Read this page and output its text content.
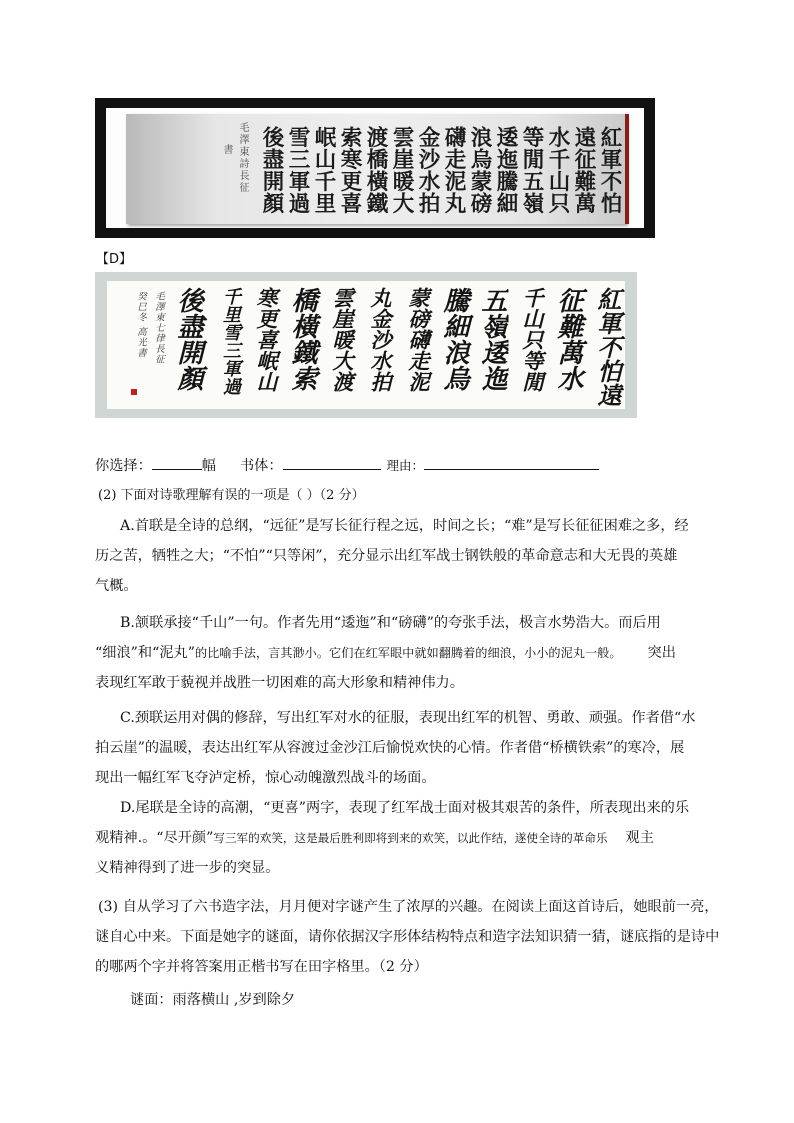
紅軍不怕
遠征難萬
水千山只
等閒五嶺
逶迤騰細
浪烏蒙磅
礴走泥丸
金沙水拍
雲崖暖大
渡橋橫鐵
索寒更喜
岷山千里
雪三軍過
後盡開顏
毛澤東詩長征
書
【D】
紅軍不怕遠
征難萬水
千山只等閒
五嶺逶迤
騰細浪烏
蒙磅礴走泥
丸金沙水拍
雲崖暖大渡
橋橫鐵索
寒更喜岷山
千里雪三軍過
後盡開顏
毛澤東七律長征
癸巳冬 高光書
你选择：	幅 书体：	理由：
(2) 下面对诗歌理解有误的一项是（ ）（2 分）
A.首联是全诗的总纲，“远征”是写长征行程之远，时间之长；“难”是写长征征困难之多，经
历之苦，牺牲之大；“不怕”“只等闲”，充分显示出红军战士钢铁般的革命意志和大无畏的英雄
气概。
B.颔联承接“千山”一句。作者先用“逶迤”和“磅礴”的夸张手法，极言水势浩大。而后用
“细浪”和“泥丸”的比喻手法，言其渺小。它们在红军眼中就如翻腾着的细浪，小小的泥丸一般。 突出
表现红军敢于藐视并战胜一切困难的高大形象和精神伟力。
C.颈联运用对偶的修辞，写出红军对水的征服，表现出红军的机智、勇敢、顽强。作者借“水
拍云崖”的温暖，表达出红军从容渡过金沙江后愉悦欢快的心情。作者借“桥横铁索”的寒冷，展
现出一幅红军飞夺泸定桥，惊心动魄激烈战斗的场面。
D.尾联是全诗的高潮，“更喜”两字，表现了红军战士面对极其艰苦的条件，所表现出来的乐
观精神.。“尽开颜”写三军的欢笑，这是最后胜利即将到来的欢笑，以此作结，遂使全诗的革命乐 观主
义精神得到了进一步的突显。
(3) 自从学习了六书造字法，月月便对字谜产生了浓厚的兴趣。在阅读上面这首诗后，她眼前一亮，
谜自心中来。下面是她字的谜面，请你依据汉字形体结构特点和造字法知识猜一猜，谜底指的是诗中
的哪两个字并将答案用正楷书写在田字格里。（2 分）
谜面：雨落横山 ,岁到除夕
